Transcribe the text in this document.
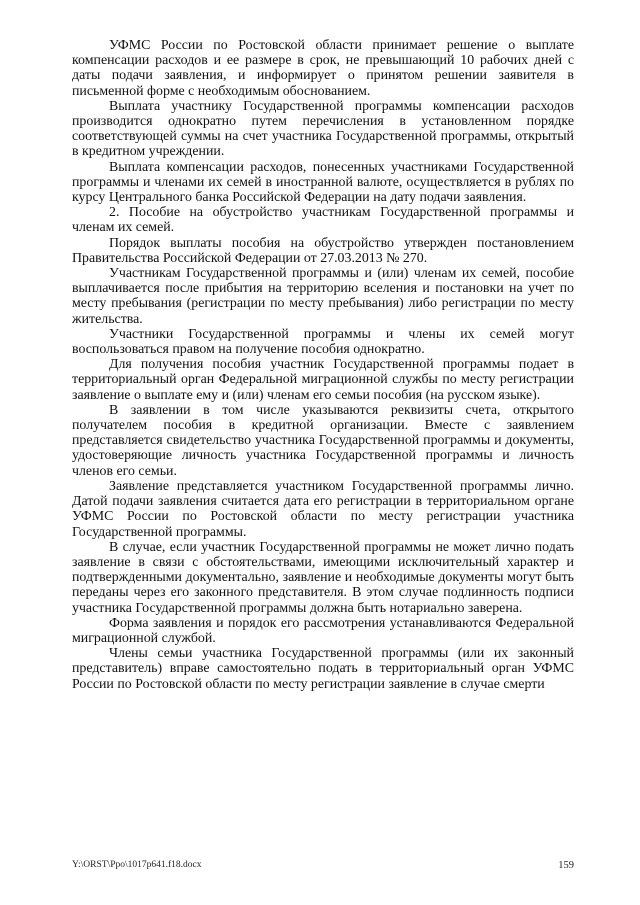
УФМС России по Ростовской области принимает решение о выплате компенсации расходов и ее размере в срок, не превышающий 10 рабочих дней с даты подачи заявления, и информирует о принятом решении заявителя в письменной форме с необходимым обоснованием.

Выплата участнику Государственной программы компенсации расходов производится однократно путем перечисления в установленном порядке соответствующей суммы на счет участника Государственной программы, открытый в кредитном учреждении.

Выплата компенсации расходов, понесенных участниками Государственной программы и членами их семей в иностранной валюте, осуществляется в рублях по курсу Центрального банка Российской Федерации на дату подачи заявления.

2. Пособие на обустройство участникам Государственной программы и членам их семей.

Порядок выплаты пособия на обустройство утвержден постановлением Правительства Российской Федерации от 27.03.2013 № 270.

Участникам Государственной программы и (или) членам их семей, пособие выплачивается после прибытия на территорию вселения и постановки на учет по месту пребывания (регистрации по месту пребывания) либо регистрации по месту жительства.

Участники Государственной программы и члены их семей могут воспользоваться правом на получение пособия однократно.

Для получения пособия участник Государственной программы подает в территориальный орган Федеральной миграционной службы по месту регистрации заявление о выплате ему и (или) членам его семьи пособия (на русском языке).

В заявлении в том числе указываются реквизиты счета, открытого получателем пособия в кредитной организации. Вместе с заявлением представляется свидетельство участника Государственной программы и документы, удостоверяющие личность участника Государственной программы и личность членов его семьи.

Заявление представляется участником Государственной программы лично. Датой подачи заявления считается дата его регистрации в территориальном органе УФМС России по Ростовской области по месту регистрации участника Государственной программы.

В случае, если участник Государственной программы не может лично подать заявление в связи с обстоятельствами, имеющими исключительный характер и подтвержденными документально, заявление и необходимые документы могут быть переданы через его законного представителя. В этом случае подлинность подписи участника Государственной программы должна быть нотариально заверена.

Форма заявления и порядок его рассмотрения устанавливаются Федеральной миграционной службой.

Члены семьи участника Государственной программы (или их законный представитель) вправе самостоятельно подать в территориальный орган УФМС России по Ростовской области по месту регистрации заявление в случае смерти

Y:\ORST\Ppo\1017p641.f18.docx	159
